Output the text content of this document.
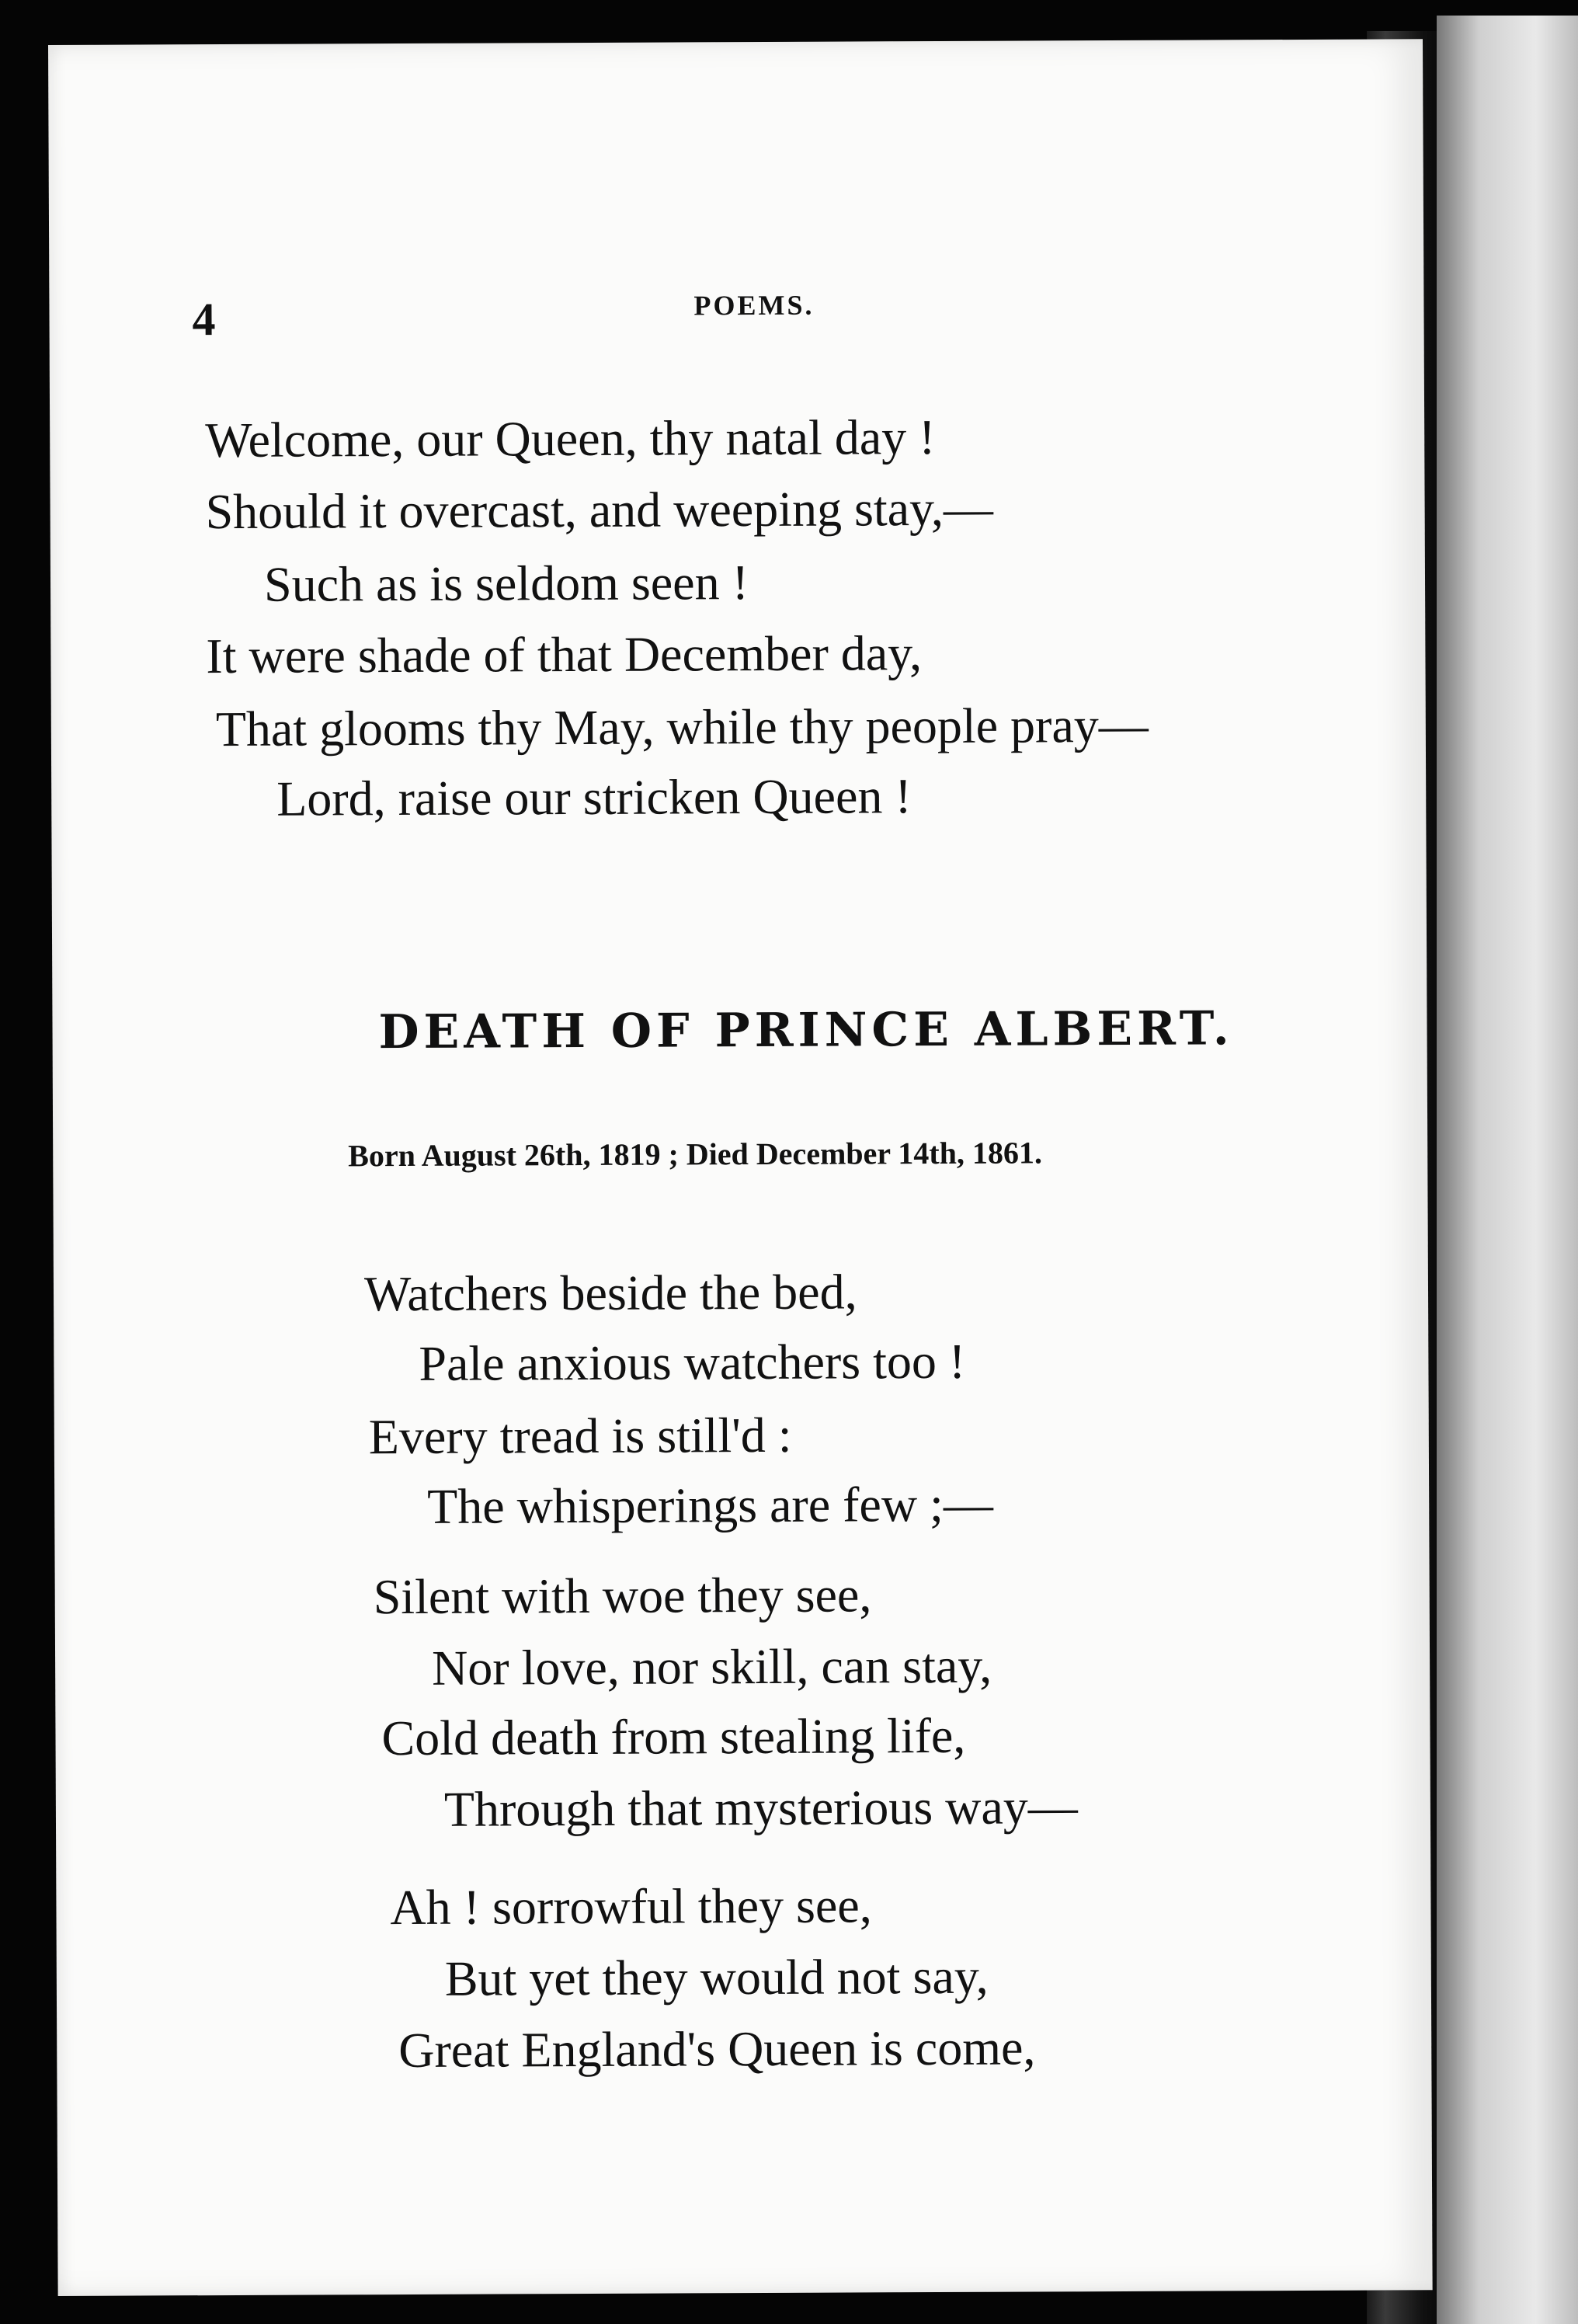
4	POEMS.
Welcome, our Queen, thy natal day !
Should it overcast, and weeping stay,—
Such as is seldom seen !
It were shade of that December day,
That glooms thy May, while thy people pray—
Lord, raise our stricken Queen !
DEATH OF PRINCE ALBERT.
Born August 26th, 1819 ; Died December 14th, 1861.
Watchers beside the bed,
Pale anxious watchers too !
Every tread is still'd :
The whisperings are few ;—
Silent with woe they see,
Nor love, nor skill, can stay,
Cold death from stealing life,
Through that mysterious way—
Ah ! sorrowful they see,
But yet they would not say,
Great England's Queen is come,
